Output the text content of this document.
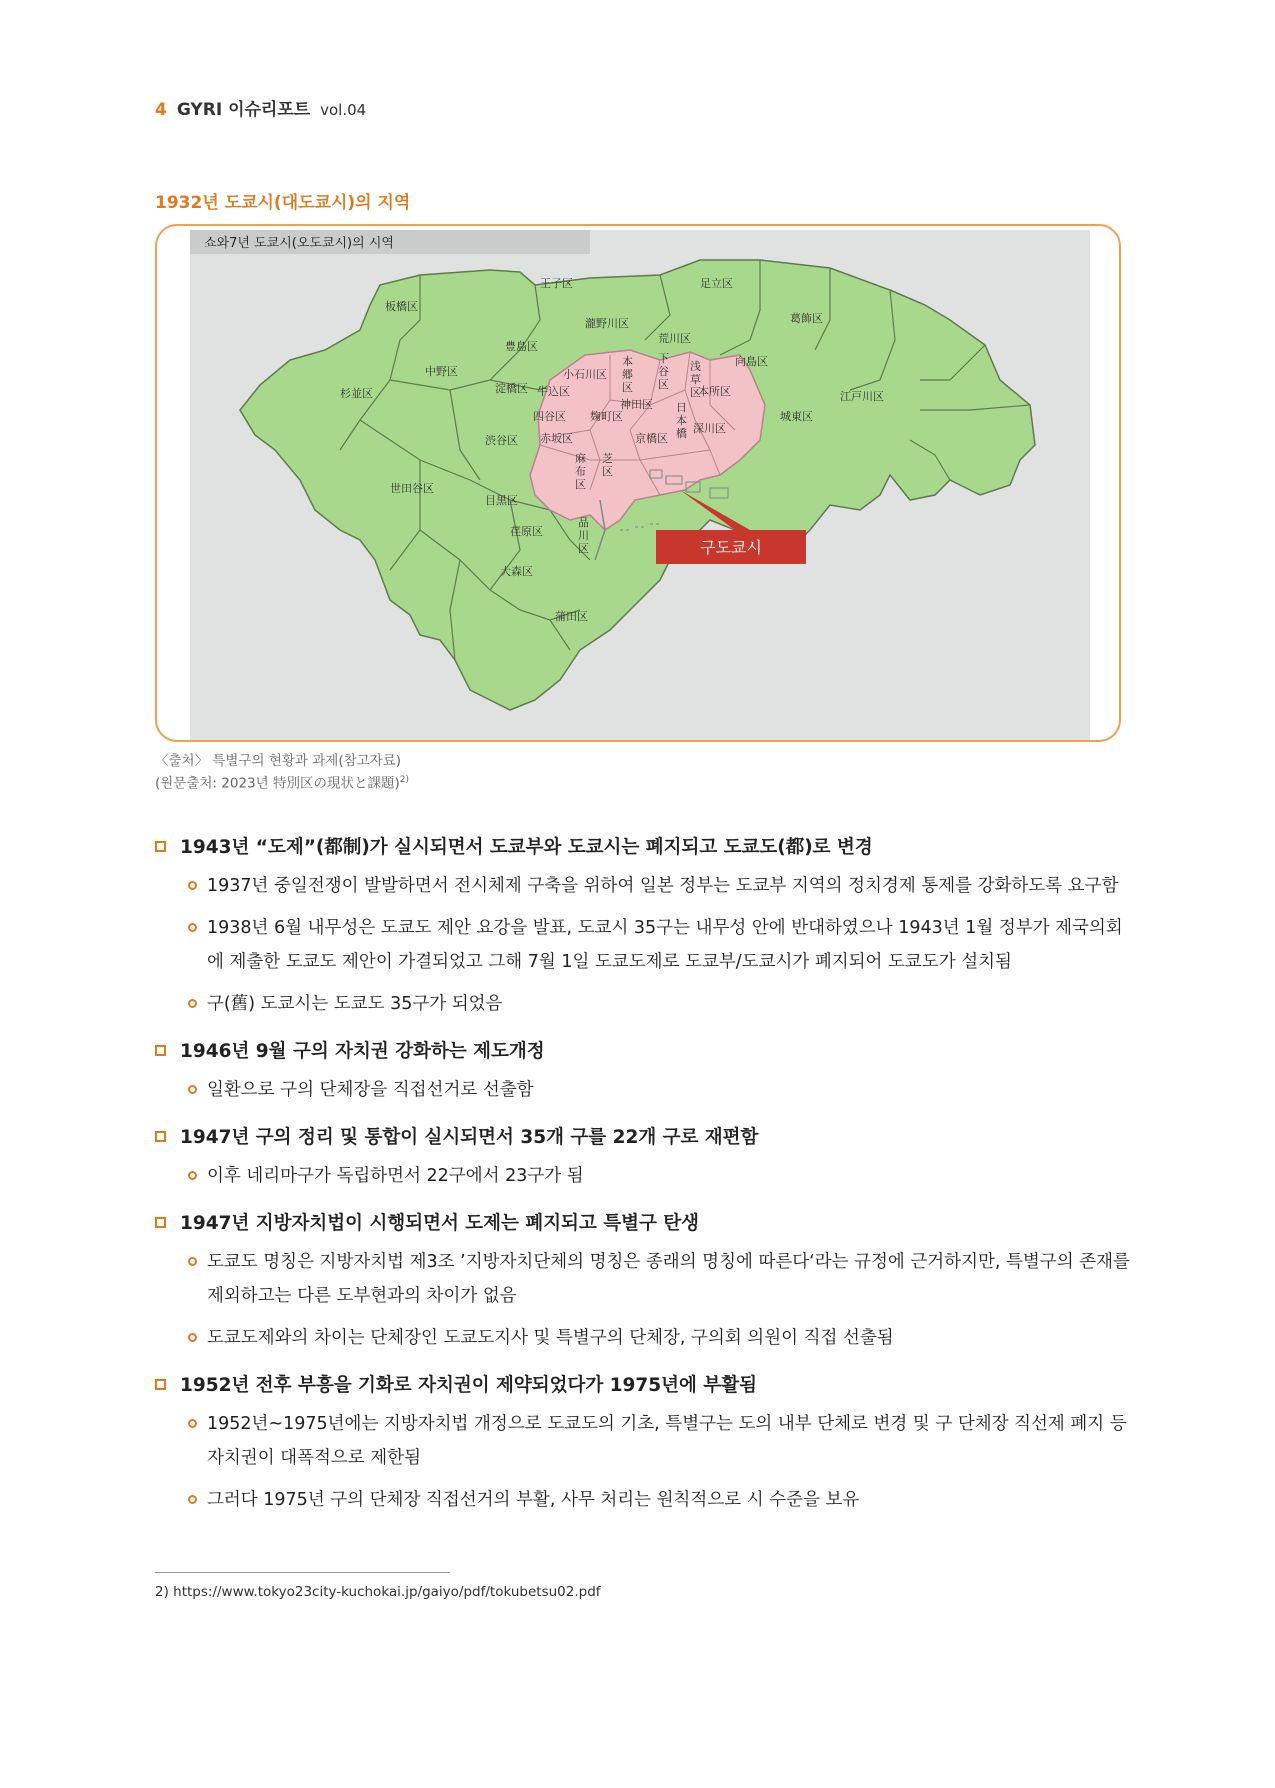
4 GYRI 이슈리포트 vol.04
1932년 도쿄시(대도쿄시)의 지역
쇼와7년 도쿄시(오도쿄시)의 시역
구도쿄시
王子区	足立区
板橋区
葛飾区
瀧野川区
荒川区
豊島区
中野区
向島区
杉並区	淀橋区
江戸川区
城東区
渋谷区
世田谷区
目黒区
荏原区
大森区
蒲田区
小石川区
牛込区
四谷区 麹町区
神田区
本所区
深川区
赤坂区	京橋区
本
郷
区
下
谷
区
浅
草
区
日
本
橋
麻
布
区
芝
区
品
川
区
〈출처〉 특별구의 현황과 과제(참고자료)
(원문출처: 2023년 特別区の現状と課題)$^{2)}$
1943년 “도제”(都制)가 실시되면서 도쿄부와 도쿄시는 폐지되고 도쿄도(都)로 변경
1937년 중일전쟁이 발발하면서 전시체제 구축을 위하여 일본 정부는 도쿄부 지역의 정치경제 통제를 강화하도록 요구함
1938년 6월 내무성은 도쿄도 제안 요강을 발표, 도쿄시 35구는 내무성 안에 반대하였으나 1943년 1월 정부가 제국의회에 제출한 도쿄도 제안이 가결되었고 그해 7월 1일 도쿄도제로 도쿄부/도쿄시가 폐지되어 도쿄도가 설치됨
구(舊) 도쿄시는 도쿄도 35구가 되었음
1946년 9월 구의 자치권 강화하는 제도개정
일환으로 구의 단체장을 직접선거로 선출함
1947년 구의 정리 및 통합이 실시되면서 35개 구를 22개 구로 재편함
이후 네리마구가 독립하면서 22구에서 23구가 됨
1947년 지방자치법이 시행되면서 도제는 폐지되고 특별구 탄생
도쿄도 명칭은 지방자치법 제3조 ’지방자치단체의 명칭은 종래의 명칭에 따른다‘라는 규정에 근거하지만, 특별구의 존재를 제외하고는 다른 도부현과의 차이가 없음
도쿄도제와의 차이는 단체장인 도쿄도지사 및 특별구의 단체장, 구의회 의원이 직접 선출됨
1952년 전후 부흥을 기화로 자치권이 제약되었다가 1975년에 부활됨
1952년~1975년에는 지방자치법 개정으로 도쿄도의 기초, 특별구는 도의 내부 단체로 변경 및 구 단체장 직선제 폐지 등 자치권이 대폭적으로 제한됨
그러다 1975년 구의 단체장 직접선거의 부활, 사무 처리는 원칙적으로 시 수준을 보유
2) https://www.tokyo23city-kuchokai.jp/gaiyo/pdf/tokubetsu02.pdf
